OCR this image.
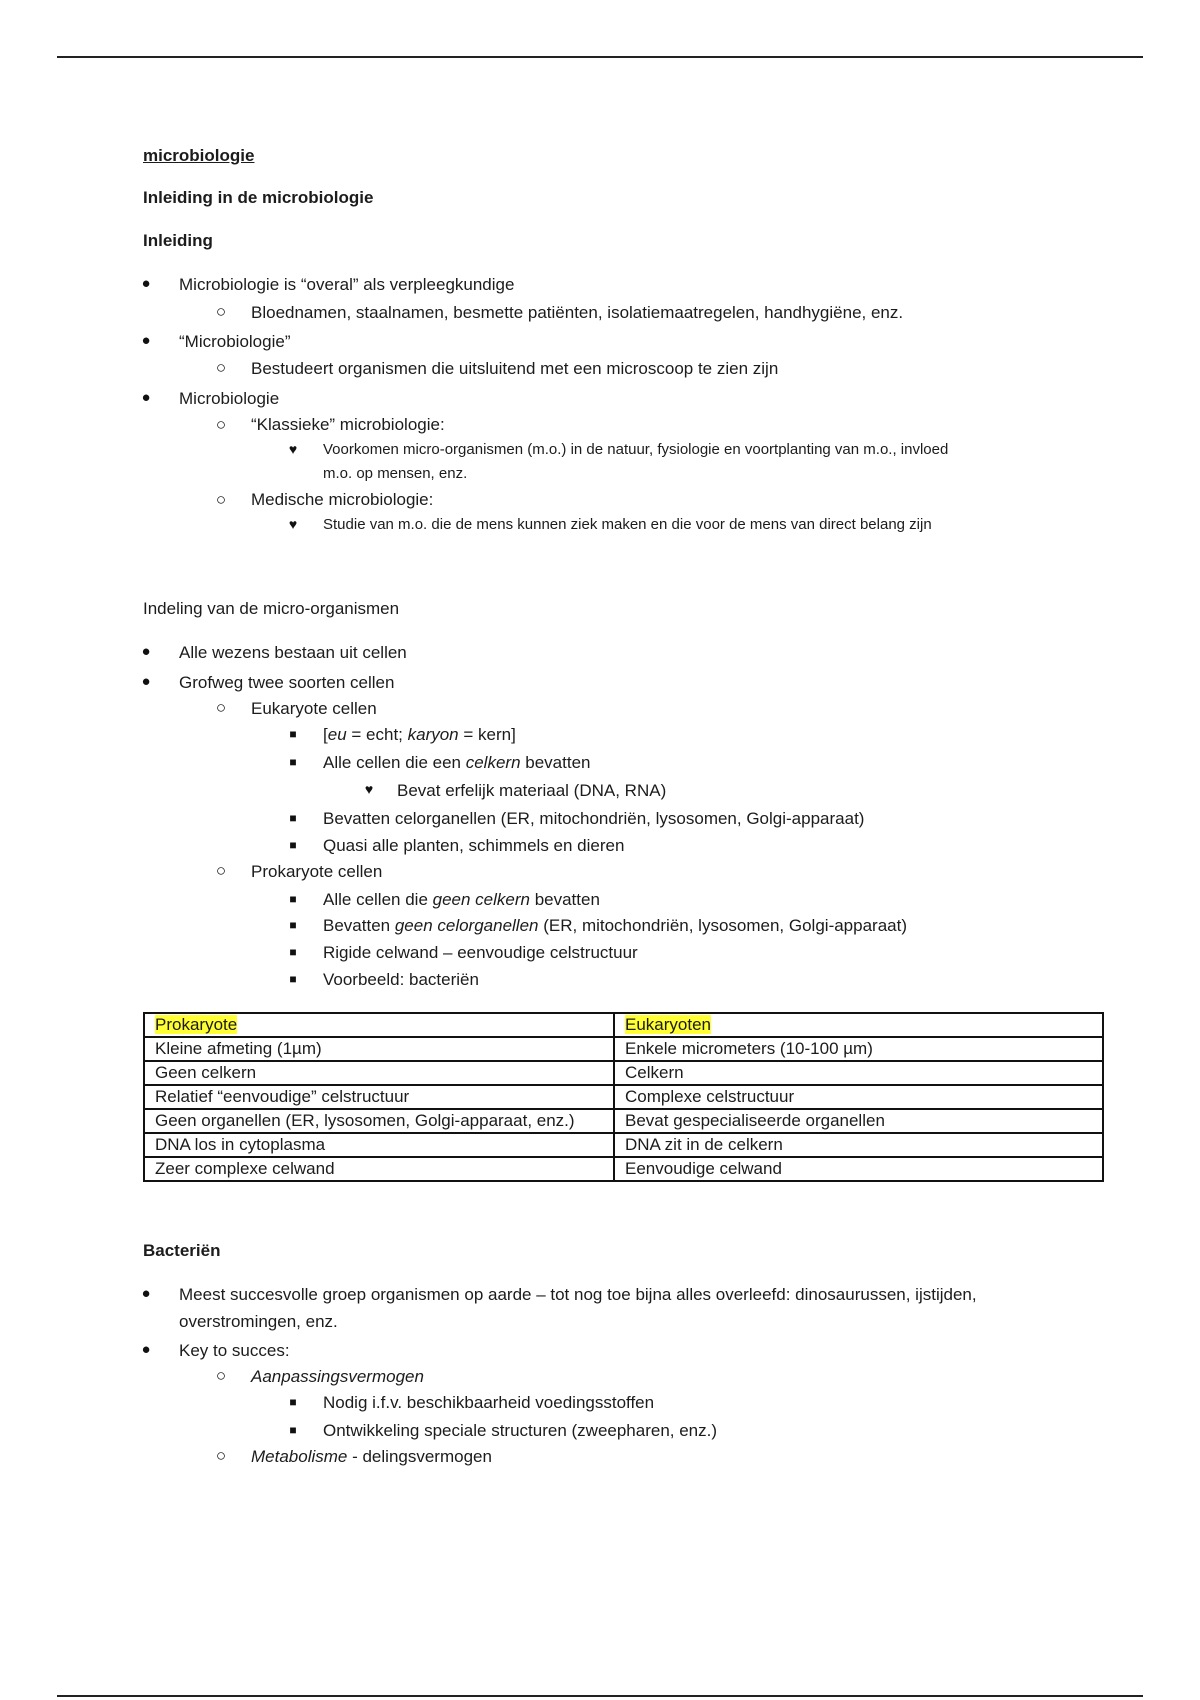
microbiologie

Inleiding in de microbiologie

Inleiding

●	Microbiologie is “overal” als verpleegkundige

○	Bloednamen, staalnamen, besmette patiënten, isolatiemaatregelen, handhygiëne, enz.

●	“Microbiologie”

○	Bestudeert organismen die uitsluitend met een microscoop te zien zijn

●	Microbiologie

○	“Klassieke” microbiologie:

♥	Voorkomen micro-organismen (m.o.) in de natuur, fysiologie en voortplanting van m.o., invloed

m.o. op mensen, enz.

○	Medische microbiologie:

♥	Studie van m.o. die de mens kunnen ziek maken en die voor de mens van direct belang zijn

Indeling van de micro-organismen

●	Alle wezens bestaan uit cellen

●	Grofweg twee soorten cellen

○	Eukaryote cellen

■	[eu = echt; karyon = kern]

■	Alle cellen die een celkern bevatten

♥	Bevat erfelijk materiaal (DNA, RNA)

■	Bevatten celorganellen (ER, mitochondriën, lysosomen, Golgi-apparaat)

■	Quasi alle planten, schimmels en dieren

○	Prokaryote cellen

■	Alle cellen die geen celkern bevatten

■	Bevatten geen celorganellen (ER, mitochondriën, lysosomen, Golgi-apparaat)

■	Rigide celwand – eenvoudige celstructuur

■	Voorbeeld: bacteriën

Prokaryote	Eukaryoten
Kleine afmeting (1µm)	Enkele micrometers (10-100 µm)
Geen celkern	Celkern
Relatief “eenvoudige” celstructuur	Complexe celstructuur
Geen organellen (ER, lysosomen, Golgi-apparaat, enz.)	Bevat gespecialiseerde organellen
DNA los in cytoplasma	DNA zit in de celkern
Zeer complexe celwand	Eenvoudige celwand

Bacteriën

●	Meest succesvolle groep organismen op aarde – tot nog toe bijna alles overleefd: dinosaurussen, ijstijden,

overstromingen, enz.

●	Key to succes:

○	Aanpassingsvermogen

■	Nodig i.f.v. beschikbaarheid voedingsstoffen

■	Ontwikkeling speciale structuren (zweepharen, enz.)

○	Metabolisme - delingsvermogen
